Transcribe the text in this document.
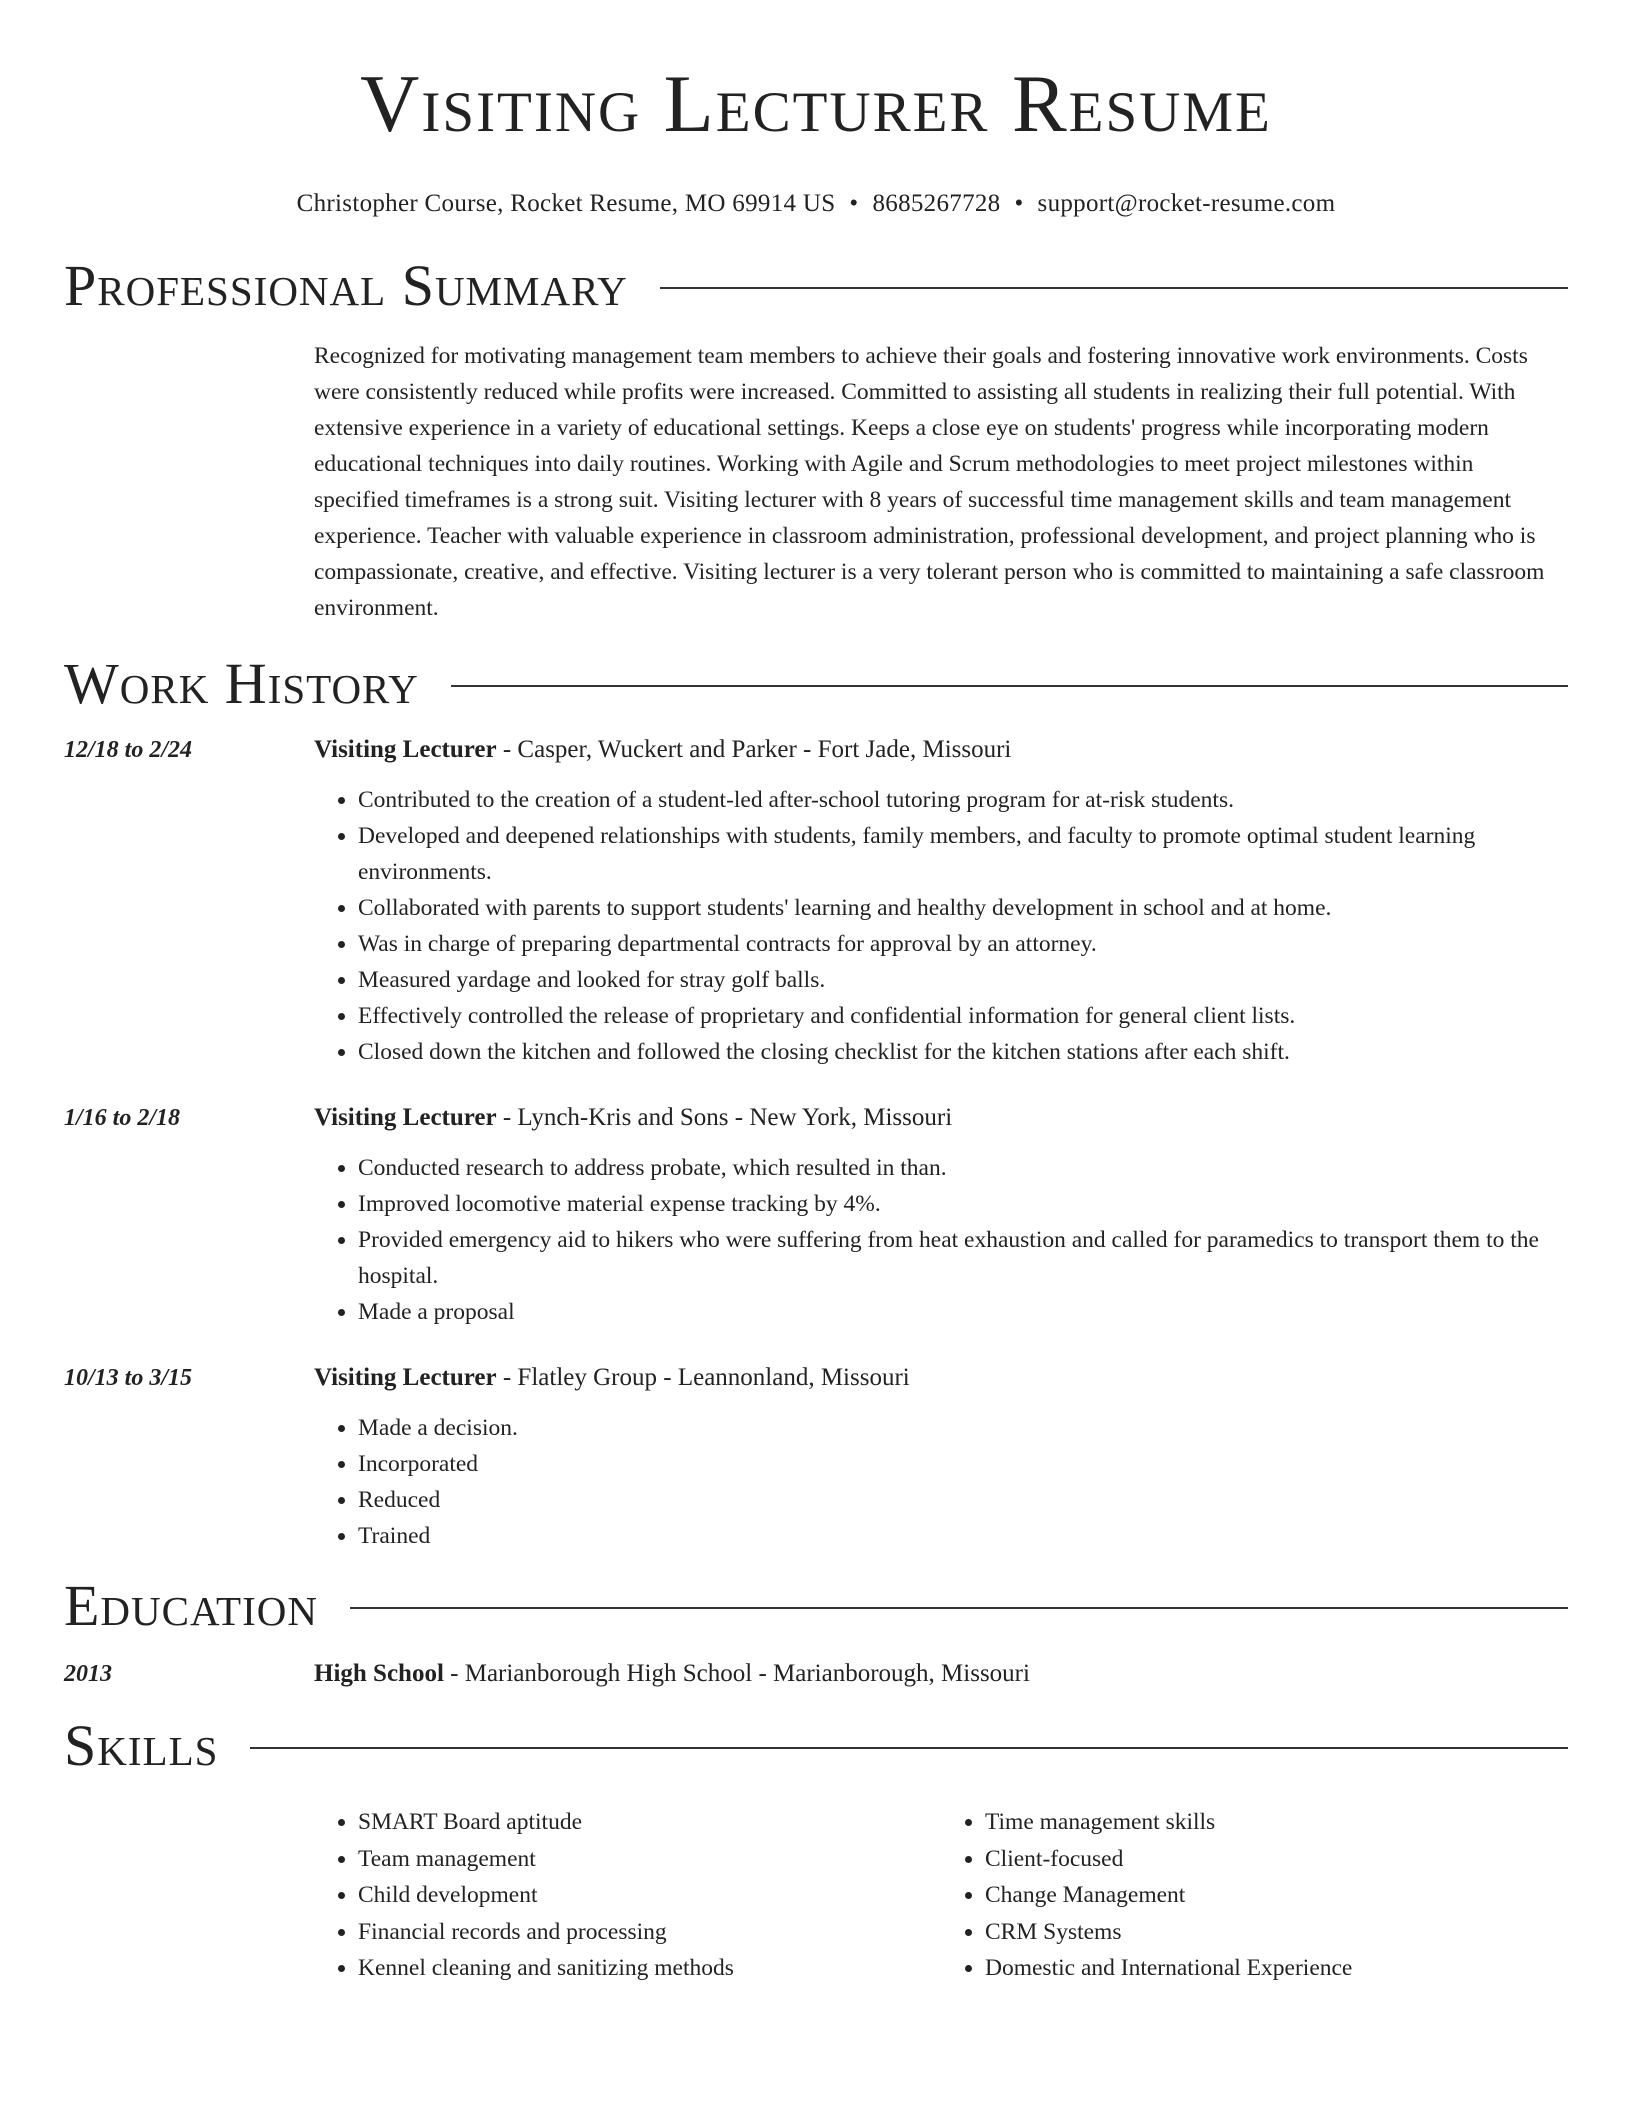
Visiting Lecturer Resume
Christopher Course, Rocket Resume, MO 69914 US • 8685267728 • support@rocket-resume.com
Professional Summary
Recognized for motivating management team members to achieve their goals and fostering innovative work environments. Costs were consistently reduced while profits were increased. Committed to assisting all students in realizing their full potential. With extensive experience in a variety of educational settings. Keeps a close eye on students' progress while incorporating modern educational techniques into daily routines. Working with Agile and Scrum methodologies to meet project milestones within specified timeframes is a strong suit. Visiting lecturer with 8 years of successful time management skills and team management experience. Teacher with valuable experience in classroom administration, professional development, and project planning who is compassionate, creative, and effective. Visiting lecturer is a very tolerant person who is committed to maintaining a safe classroom environment.
Work History
12/18 to 2/24	Visiting Lecturer - Casper, Wuckert and Parker - Fort Jade, Missouri
• Contributed to the creation of a student-led after-school tutoring program for at-risk students.
• Developed and deepened relationships with students, family members, and faculty to promote optimal student learning environments.
• Collaborated with parents to support students' learning and healthy development in school and at home.
• Was in charge of preparing departmental contracts for approval by an attorney.
• Measured yardage and looked for stray golf balls.
• Effectively controlled the release of proprietary and confidential information for general client lists.
• Closed down the kitchen and followed the closing checklist for the kitchen stations after each shift.
1/16 to 2/18	Visiting Lecturer - Lynch-Kris and Sons - New York, Missouri
• Conducted research to address probate, which resulted in than.
• Improved locomotive material expense tracking by 4%.
• Provided emergency aid to hikers who were suffering from heat exhaustion and called for paramedics to transport them to the hospital.
• Made a proposal
10/13 to 3/15	Visiting Lecturer - Flatley Group - Leannonland, Missouri
• Made a decision.
• Incorporated
• Reduced
• Trained
Education
2013	High School - Marianborough High School - Marianborough, Missouri
Skills
• SMART Board aptitude
• Team management
• Child development
• Financial records and processing
• Kennel cleaning and sanitizing methods
• Time management skills
• Client-focused
• Change Management
• CRM Systems
• Domestic and International Experience
